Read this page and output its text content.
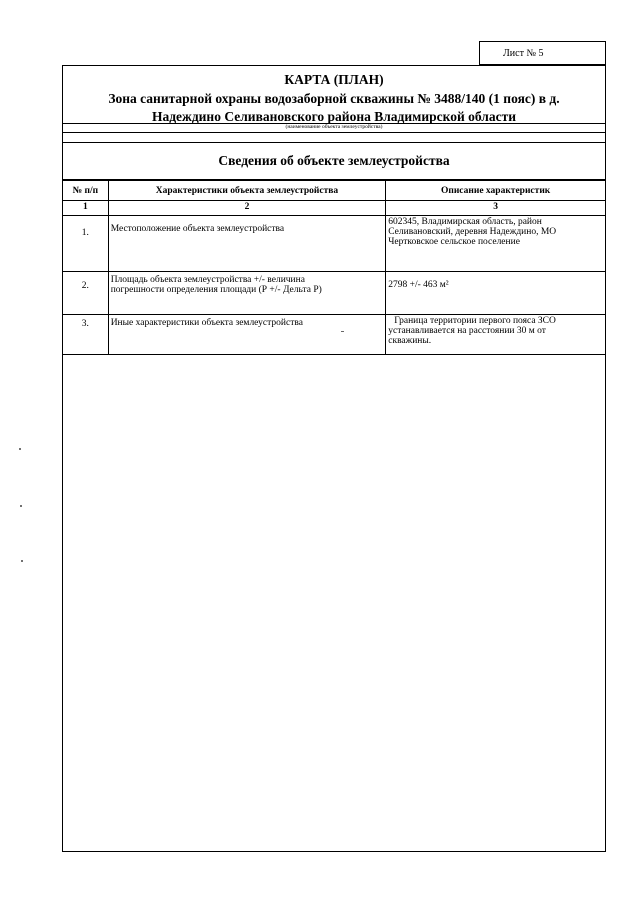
Лист № 5
КАРТА (ПЛАН)
Зона санитарной охраны водозаборной скважины № 3488/140 (1 пояс) в д.
Надеждино Селивановского района Владимирской области
(наименование объекта землеустройства)
Сведения об объекте землеустройства
№ п/п	Характеристики объекта землеустройства	Описание характеристик
1	2	3
1.	Местоположение объекта землеустройства	602345, Владимирская область, район
Селивановский, деревня Надеждино, МО
Чертковское сельское поселение

2.	Площадь объекта землеустройства +/- величина
погрешности определения площади (Р +/- Дельта Р)	2798 +/- 463 м²
3.	Иные характеристики объекта землеустройства	Граница территории первого пояса ЗСО
устанавливается на расстоянии 30 м от
скважины.
